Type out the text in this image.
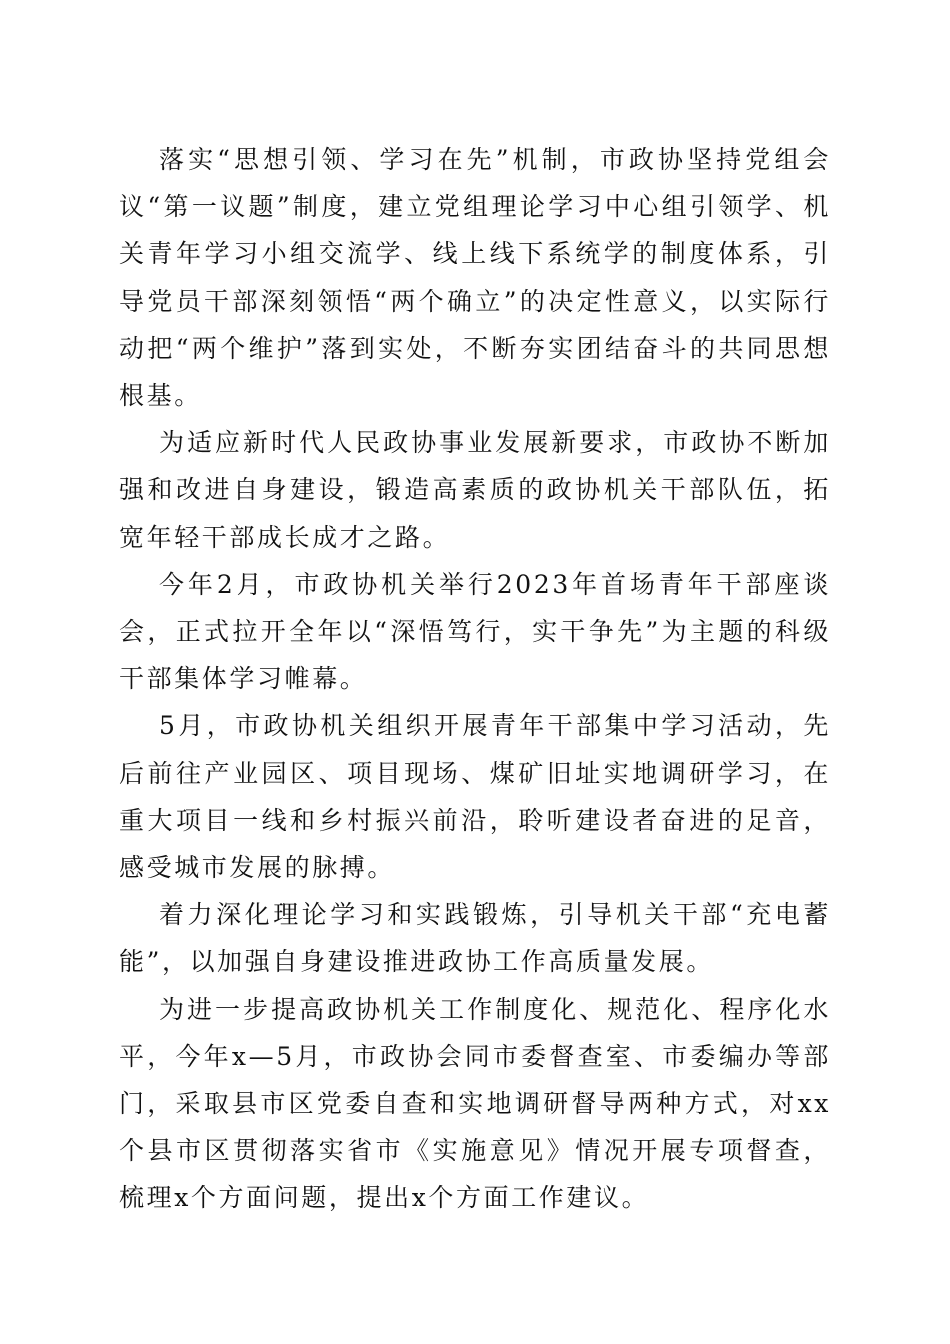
落实“思想引领、学习在先”机制，市政协坚持党组会议“第一议题”制度，建立党组理论学习中心组引领学、机关青年学习小组交流学、线上线下系统学的制度体系，引导党员干部深刻领悟“两个确立”的决定性意义，以实际行动把“两个维护”落到实处，不断夯实团结奋斗的共同思想根基。

为适应新时代人民政协事业发展新要求，市政协不断加强和改进自身建设，锻造高素质的政协机关干部队伍，拓宽年轻干部成长成才之路。

今年2月，市政协机关举行2023年首场青年干部座谈会，正式拉开全年以“深悟笃行，实干争先”为主题的科级干部集体学习帷幕。

5月，市政协机关组织开展青年干部集中学习活动，先后前往产业园区、项目现场、煤矿旧址实地调研学习，在重大项目一线和乡村振兴前沿，聆听建设者奋进的足音，感受城市发展的脉搏。

着力深化理论学习和实践锻炼，引导机关干部“充电蓄能”，以加强自身建设推进政协工作高质量发展。

为进一步提高政协机关工作制度化、规范化、程序化水平，今年x—5月，市政协会同市委督查室、市委编办等部门，采取县市区党委自查和实地调研督导两种方式，对xx个县市区贯彻落实省市《实施意见》情况开展专项督查，梳理x个方面问题，提出x个方面工作建议。
